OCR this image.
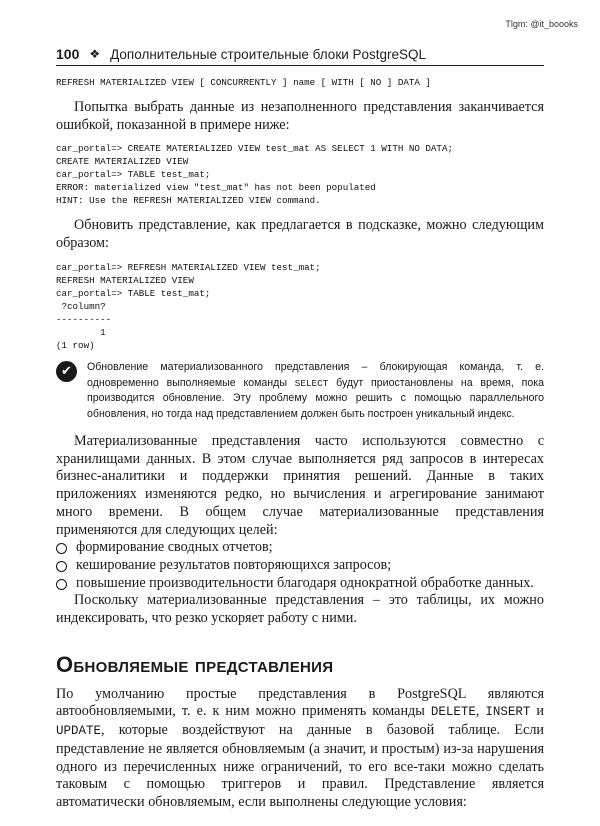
Tlgm: @it_boooks
100 ❖ Дополнительные строительные блоки PostgreSQL
REFRESH MATERIALIZED VIEW [ CONCURRENTLY ] name [ WITH [ NO ] DATA ]

Попытка выбрать данные из незаполненного представления заканчивается ошибкой, показанной в примере ниже:

car_portal=> CREATE MATERIALIZED VIEW test_mat AS SELECT 1 WITH NO DATA;
CREATE MATERIALIZED VIEW
car_portal=> TABLE test_mat;
ERROR: materialized view "test_mat" has not been populated
HINT: Use the REFRESH MATERIALIZED VIEW command.

Обновить представление, как предлагается в подсказке, можно следующим образом:

car_portal=> REFRESH MATERIALIZED VIEW test_mat;
REFRESH MATERIALIZED VIEW
car_portal=> TABLE test_mat;
?column?
----------
1
(1 row)
✔	Обновление материализованного представления – блокирующая команда, т. е. одновременно выполняемые команды SELECT будут приостановлены на время, пока производится обновление. Эту проблему можно решить с помощью параллельного обновления, но тогда над представлением должен быть построен уникальный индекс.

Материализованные представления часто используются совместно с хранилищами данных. В этом случае выполняется ряд запросов в интересах бизнес-аналитики и поддержки принятия решений. Данные в таких приложениях изменяются редко, но вычисления и агрегирование занимают много времени. В общем случае материализованные представления применяются для следующих целей:

формирование сводных отчетов;
кеширование результатов повторяющихся запросов;
повышение производительности благодаря однократной обработке данных.

Поскольку материализованные представления – это таблицы, их можно индексировать, что резко ускоряет работу с ними.

Обновляемые представления

По умолчанию простые представления в PostgreSQL являются автообновляемыми, т. е. к ним можно применять команды DELETE, INSERT и UPDATE, которые воздействуют на данные в базовой таблице. Если представление не является обновляемым (а значит, и простым) из-за нарушения одного из перечисленных ниже ограничений, то его все-таки можно сделать таковым с помощью триггеров и правил. Представление является автоматически обновляемым, если выполнены следующие условия:
